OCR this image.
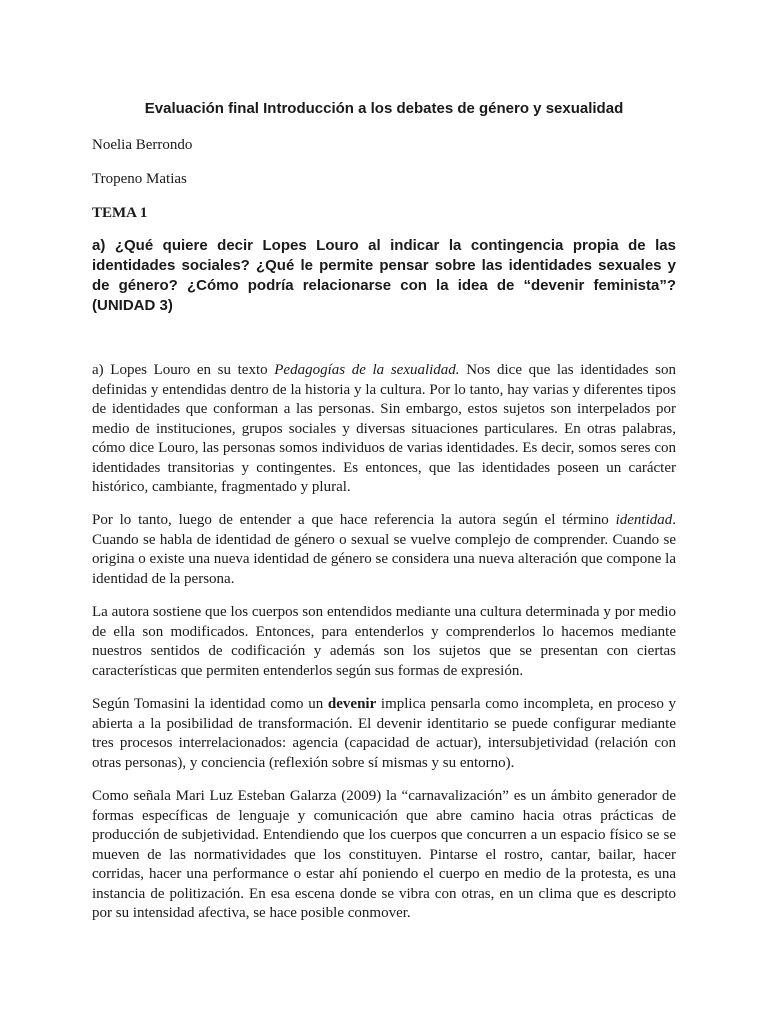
Evaluación final Introducción a los debates de género y sexualidad

Noelia Berrondo

Tropeno Matias

TEMA 1

a) ¿Qué quiere decir Lopes Louro al indicar la contingencia propia de las identidades sociales? ¿Qué le permite pensar sobre las identidades sexuales y de género? ¿Cómo podría relacionarse con la idea de “devenir feminista”? (UNIDAD 3)

a) Lopes Louro en su texto Pedagogías de la sexualidad. Nos dice que las identidades son definidas y entendidas dentro de la historia y la cultura. Por lo tanto, hay varias y diferentes tipos de identidades que conforman a las personas. Sin embargo, estos sujetos son interpelados por medio de instituciones, grupos sociales y diversas situaciones particulares. En otras palabras, cómo dice Louro, las personas somos individuos de varias identidades. Es decir, somos seres con identidades transitorias y contingentes. Es entonces, que las identidades poseen un carácter histórico, cambiante, fragmentado y plural.

Por lo tanto, luego de entender a que hace referencia la autora según el término identidad. Cuando se habla de identidad de género o sexual se vuelve complejo de comprender. Cuando se origina o existe una nueva identidad de género se considera una nueva alteración que compone la identidad de la persona.

La autora sostiene que los cuerpos son entendidos mediante una cultura determinada y por medio de ella son modificados. Entonces, para entenderlos y comprenderlos lo hacemos mediante nuestros sentidos de codificación y además son los sujetos que se presentan con ciertas características que permiten entenderlos según sus formas de expresión.

Según Tomasini la identidad como un devenir implica pensarla como incompleta, en proceso y abierta a la posibilidad de transformación. El devenir identitario se puede configurar mediante tres procesos interrelacionados: agencia (capacidad de actuar), intersubjetividad (relación con otras personas), y conciencia (reflexión sobre sí mismas y su entorno).

Como señala Mari Luz Esteban Galarza (2009) la “carnavalización” es un ámbito generador de formas específicas de lenguaje y comunicación que abre camino hacia otras prácticas de producción de subjetividad. Entendiendo que los cuerpos que concurren a un espacio físico se se mueven de las normatividades que los constituyen. Pintarse el rostro, cantar, bailar, hacer corridas, hacer una performance o estar ahí poniendo el cuerpo en medio de la protesta, es una instancia de politización. En esa escena donde se vibra con otras, en un clima que es descripto por su intensidad afectiva, se hace posible conmover.
